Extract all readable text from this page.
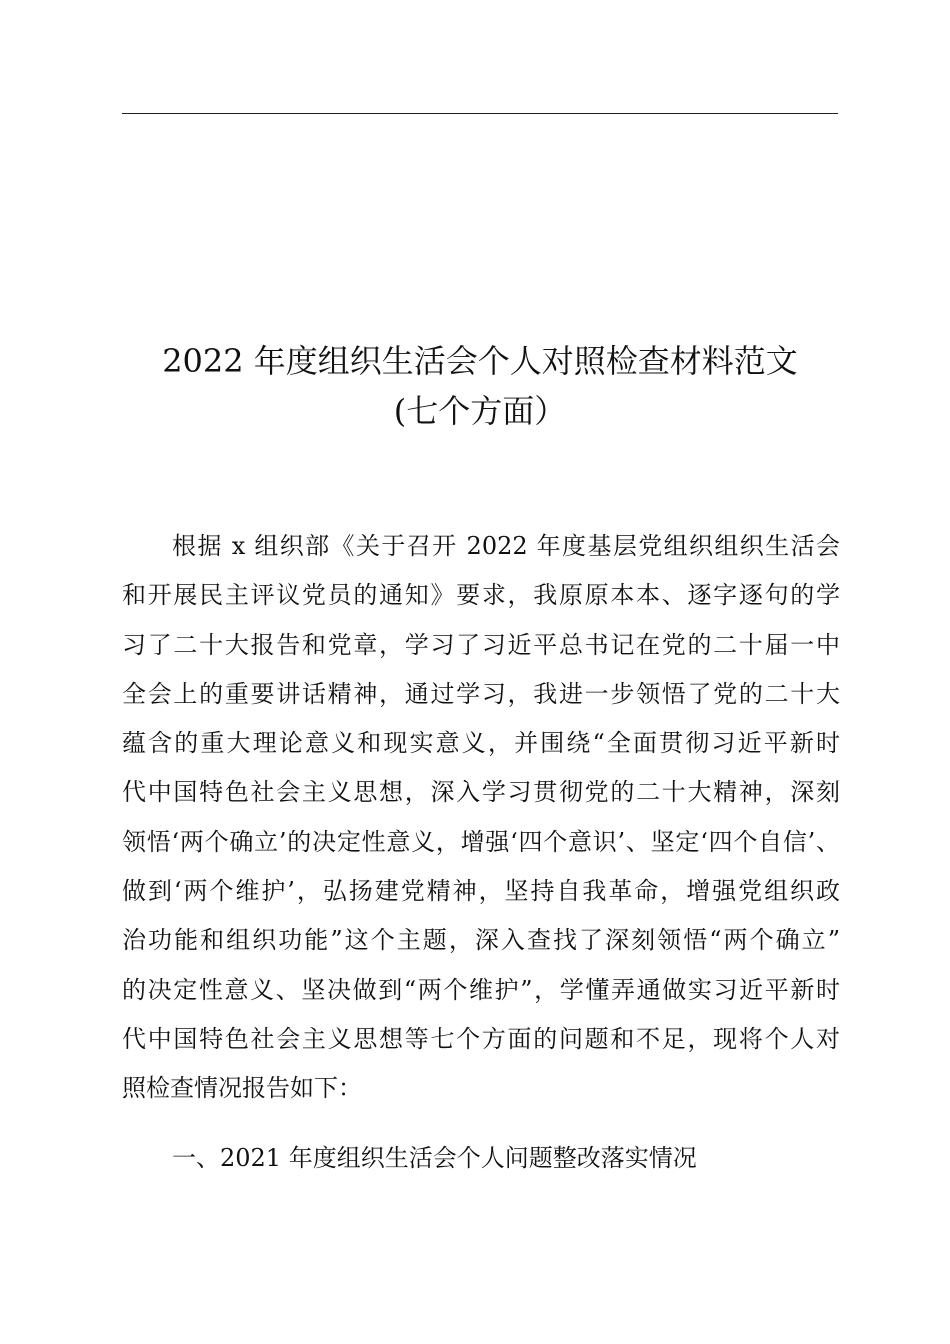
2022 年度组织生活会个人对照检查材料范文
(七个方面）
根据 x 组织部《关于召开 2022 年度基层党组织组织生活会
和开展民主评议党员的通知》要求，我原原本本、逐字逐句的学
习了二十大报告和党章，学习了习近平总书记在党的二十届一中
全会上的重要讲话精神，通过学习，我进一步领悟了党的二十大
蕴含的重大理论意义和现实意义，并围绕“全面贯彻习近平新时
代中国特色社会主义思想，深入学习贯彻党的二十大精神，深刻
领悟‘两个确立’的决定性意义，增强‘四个意识’、坚定‘四个自信’、
做到‘两个维护’，弘扬建党精神，坚持自我革命，增强党组织政
治功能和组织功能”这个主题，深入查找了深刻领悟“两个确立”
的决定性意义、坚决做到“两个维护”，学懂弄通做实习近平新时
代中国特色社会主义思想等七个方面的问题和不足，现将个人对
照检查情况报告如下：
一、2021 年度组织生活会个人问题整改落实情况
